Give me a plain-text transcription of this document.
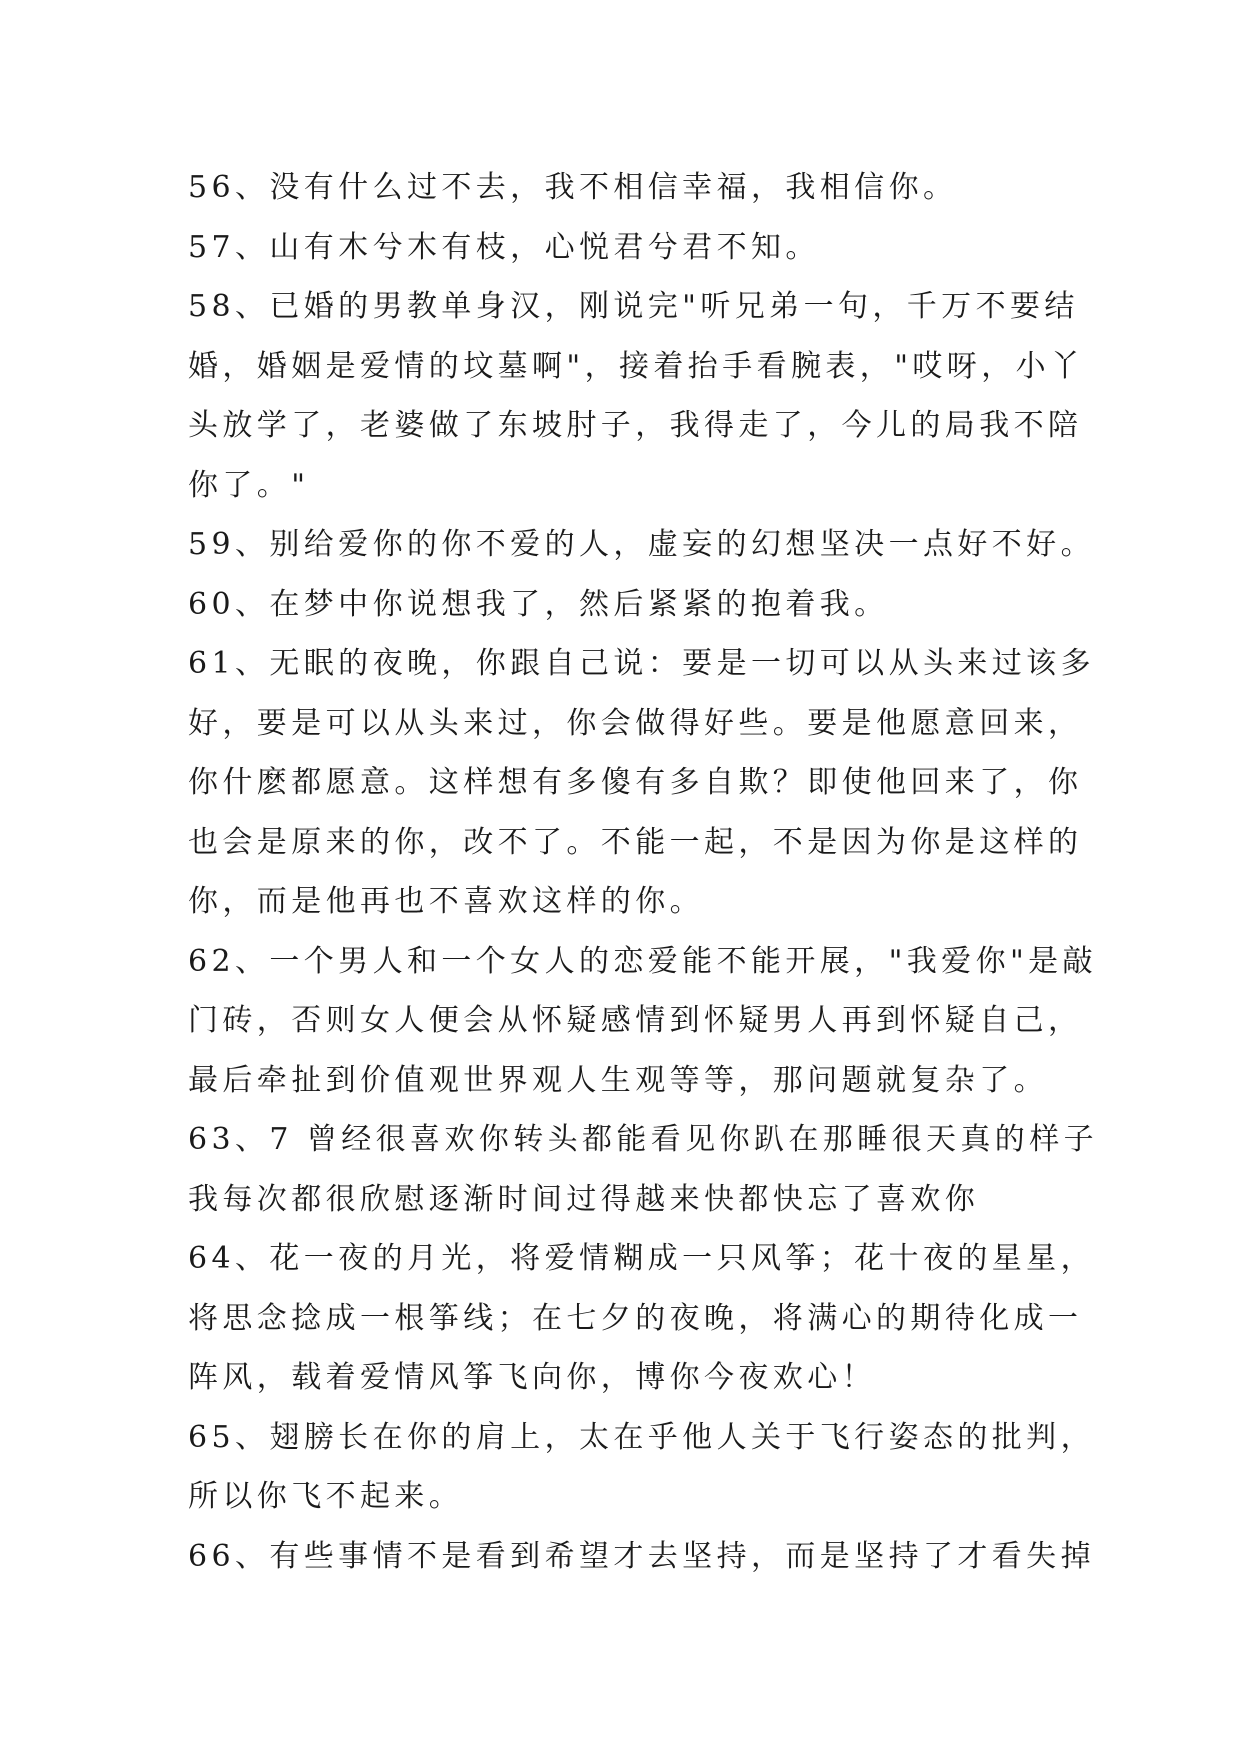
56、没有什么过不去，我不相信幸福，我相信你。
57、山有木兮木有枝，心悦君兮君不知。
58、已婚的男教单身汉，刚说完"听兄弟一句，千万不要结
婚，婚姻是爱情的坟墓啊"，接着抬手看腕表，"哎呀，小丫
头放学了，老婆做了东坡肘子，我得走了，今儿的局我不陪
你了。"
59、别给爱你的你不爱的人，虚妄的幻想坚决一点好不好。
60、在梦中你说想我了，然后紧紧的抱着我。
61、无眠的夜晚，你跟自己说：要是一切可以从头来过该多
好，要是可以从头来过，你会做得好些。要是他愿意回来，
你什麽都愿意。这样想有多傻有多自欺？即使他回来了，你
也会是原来的你，改不了。不能一起，不是因为你是这样的
你，而是他再也不喜欢这样的你。
62、一个男人和一个女人的恋爱能不能开展，"我爱你"是敲
门砖，否则女人便会从怀疑感情到怀疑男人再到怀疑自己，
最后牵扯到价值观世界观人生观等等，那问题就复杂了。
63、7 曾经很喜欢你转头都能看见你趴在那睡很天真的样子
我每次都很欣慰逐渐时间过得越来快都快忘了喜欢你
64、花一夜的月光，将爱情糊成一只风筝；花十夜的星星，
将思念捻成一根筝线；在七夕的夜晚，将满心的期待化成一
阵风，载着爱情风筝飞向你，博你今夜欢心！
65、翅膀长在你的肩上，太在乎他人关于飞行姿态的批判，
所以你飞不起来。
66、有些事情不是看到希望才去坚持，而是坚持了才看失掉
